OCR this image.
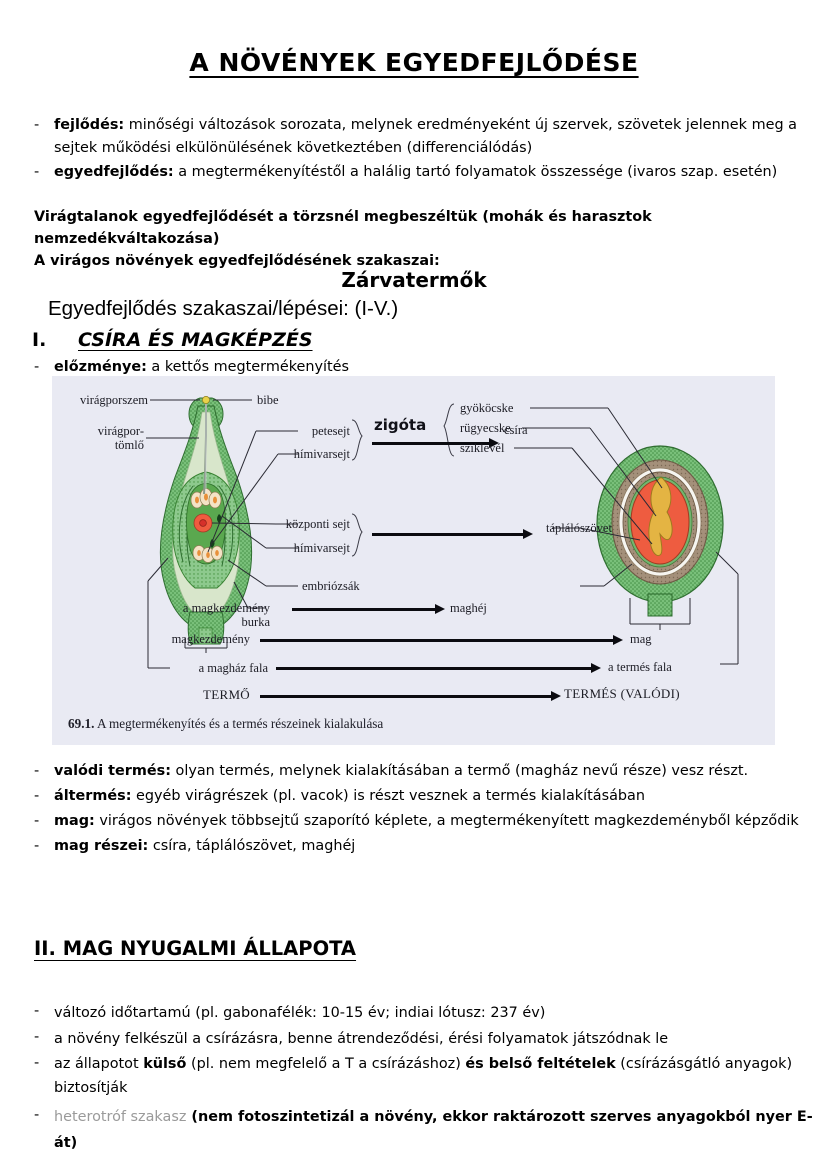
A NÖVÉNYEK EGYEDFEJLŐDÉSE
-	fejlődés: minőségi változások sorozata, melynek eredményeként új szervek, szövetek jelennek meg a sejtek működési elkülönülésének következtében (differenciálódás)
-	egyedfejlődés: a megtermékenyítéstől a halálig tartó folyamatok összessége (ivaros szap. esetén)
Virágtalanok egyedfejlődését a törzsnél megbeszéltük (mohák és harasztok nemzedékváltakozása)
A virágos növények egyedfejlődésének szakaszai:
Zárvatermők
Egyedfejlődés szakaszai/lépései: (I-V.)
I. CSÍRA ÉS MAGKÉPZÉS
-	előzménye: a kettős megtermékenyítés
virágporszem	bibe
virágpor-
tömlő
petesejt
hímivarsejt
zigóta	csíra
gyököcske
rügyecske
sziklevél
központi sejt
hímivarsejt
táplálószövet
embriózsák
a magkezdemény
burka
maghéj
magkezdemény	mag
a magház fala	a termés fala
TERMŐ	TERMÉS (VALÓDI)
69.1. A megtermékenyítés és a termés részeinek kialakulása
-	valódi termés: olyan termés, melynek kialakításában a termő (magház nevű része) vesz részt.
-	áltermés: egyéb virágrészek (pl. vacok) is részt vesznek a termés kialakításában
-	mag: virágos növények többsejtű szaporító képlete, a megtermékenyített magkezdeményből képződik
-	mag részei: csíra, táplálószövet, maghéj
II. MAG NYUGALMI ÁLLAPOTA
-	változó időtartamú (pl. gabonafélék: 10-15 év; indiai lótusz: 237 év)
-	a növény felkészül a csírázásra, benne átrendeződési, érési folyamatok játszódnak le
-	az állapotot külső (pl. nem megfelelő a T a csírázáshoz) és belső feltételek (csírázásgátló anyagok) biztosítják
-	heterotróf szakasz (nem fotoszintetizál a növény, ekkor raktározott szerves anyagokból nyer E-át)
